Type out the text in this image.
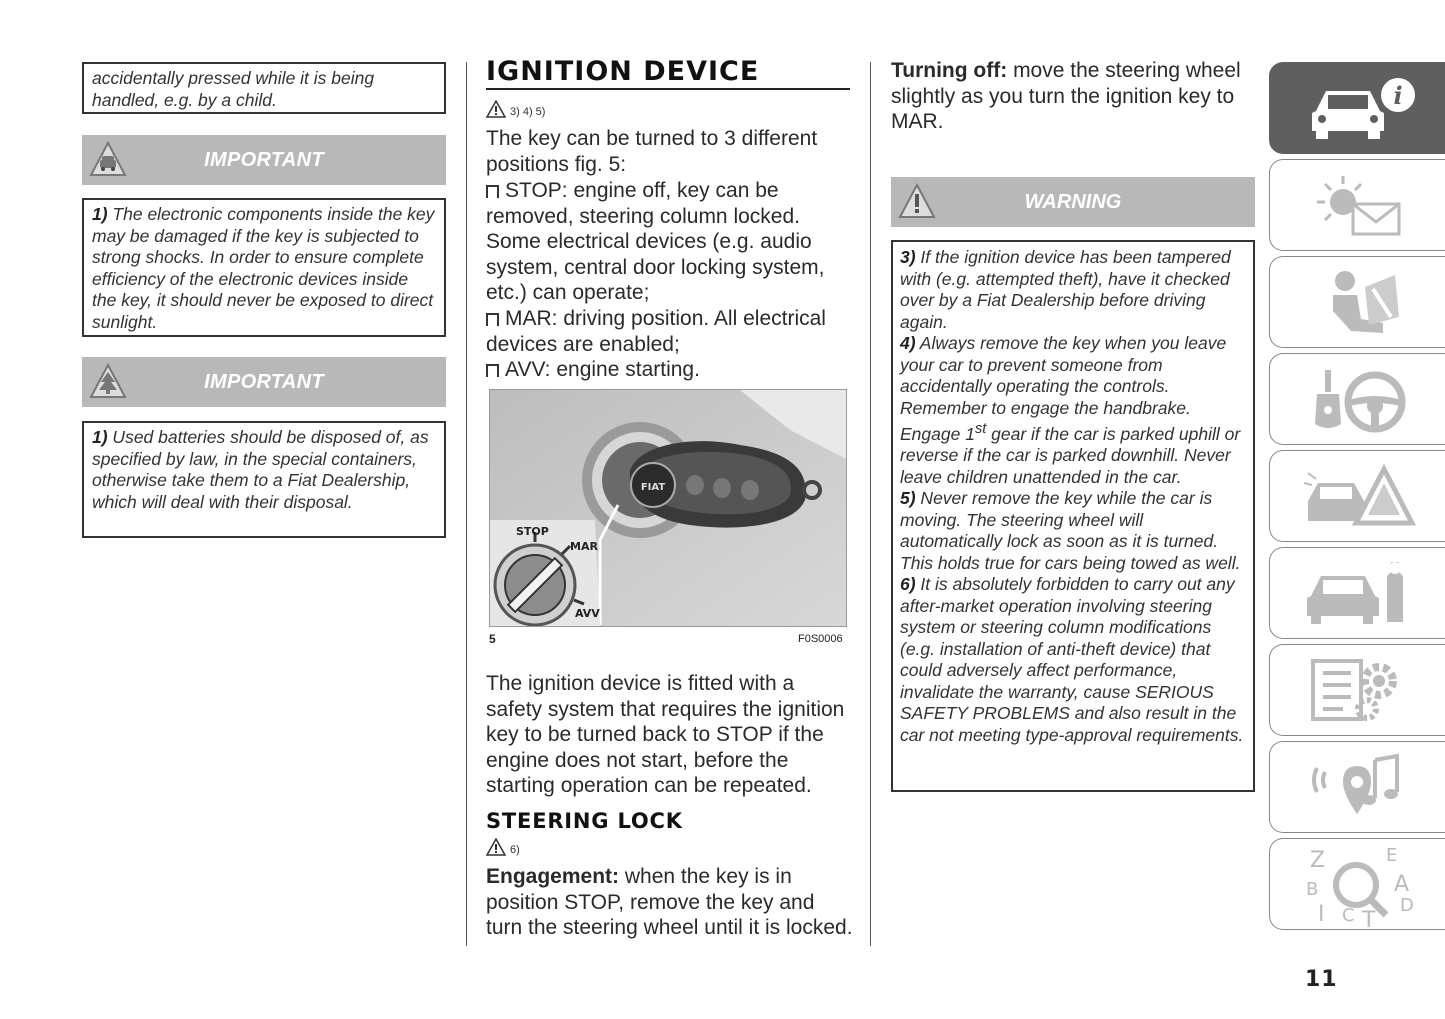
accidentally pressed while it is being handled, e.g. by a child.
IMPORTANT
1) The electronic components inside the key may be damaged if the key is subjected to strong shocks. In order to ensure complete efficiency of the electronic devices inside the key, it should never be exposed to direct sunlight.
IMPORTANT
1) Used batteries should be disposed of, as specified by law, in the special containers, otherwise take them to a Fiat Dealership, which will deal with their disposal.
IGNITION DEVICE
3) 4) 5)
The key can be turned to 3 different positions fig. 5:
STOP: engine off, key can be removed, steering column locked. Some electrical devices (e.g. audio system, central door locking system, etc.) can operate;
MAR: driving position. All electrical devices are enabled;
AVV: engine starting.
FIAT
STOP
MAR
AVV
5	F0S0006
The ignition device is fitted with a safety system that requires the ignition key to be turned back to STOP if the engine does not start, before the starting operation can be repeated.
STEERING LOCK
6)
Engagement: when the key is in position STOP, remove the key and turn the steering wheel until it is locked.
Turning off: move the steering wheel slightly as you turn the ignition key to MAR.
WARNING

3) If the ignition device has been tampered with (e.g. attempted theft), have it checked over by a Fiat Dealership before driving again.

4) Always remove the key when you leave your car to prevent someone from accidentally operating the controls. Remember to engage the handbrake. Engage 1st gear if the car is parked uphill or reverse if the car is parked downhill. Never leave children unattended in the car.

5) Never remove the key while the car is moving. The steering wheel will automatically lock as soon as it is turned. This holds true for cars being towed as well.

6) It is absolutely forbidden to carry out any after-market operation involving steering system or steering column modifications (e.g. installation of anti-theft device) that could adversely affect performance, invalidate the warranty, cause SERIOUS SAFETY PROBLEMS and also result in the car not meeting type-approval requirements.

i
Z	E
B	A
I C T
D
11
